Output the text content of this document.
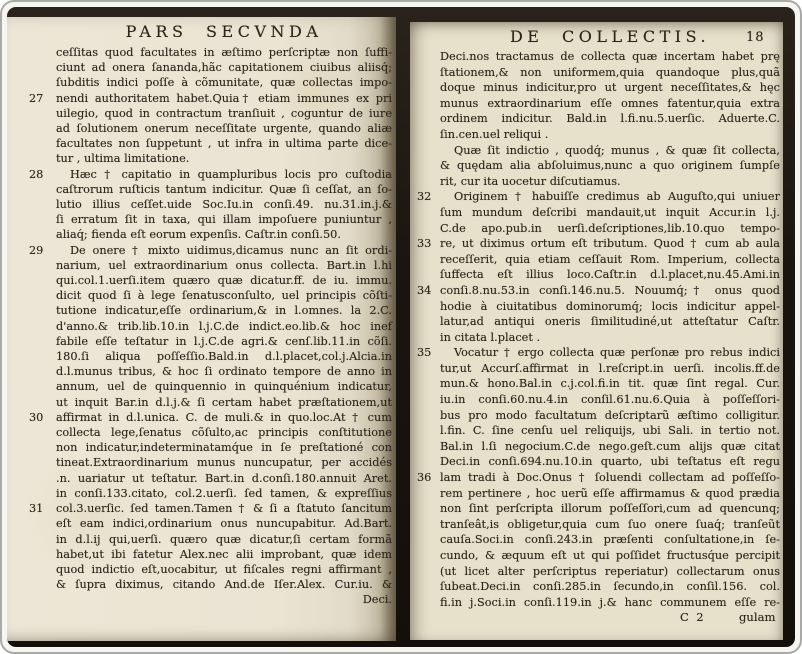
PARS SECVNDA
ceſſitas quod facultates in æſtimo perſcriptæ non ſuffi-
ciunt ad onera ſananda,hãc capitationem ciuibus aliisq́;
ſubditis indici poſſe à cõmunitate, quæ collectas impo-
27 nendi authoritatem habet.Quia† etiam immunes ex pri
uilegio, quod in contractum tranſiuit , coguntur de iure
ad ſolutionem onerum neceſſitate urgente, quando aliæ
facultates non ſuppetunt , ut infra in ultima parte dice-
tur , ultima limitatione.
28 Hæc † capitatio in quampluribus locis pro cuſtodia
caſtrorum ruſticis tantum indicitur. Quæ ſi ceſſat, an ſo-
lutio illius ceſſet.uide Soc.Iu.in conſi.49. nu.31.in.j.&
ſi erratum ſit in taxa, qui illam impoſuere puniuntur ,
aliaq́; fienda eſt eorum expenſis. Caſtr.in conſi.50.
29 De onere † mixto uidimus,dicamus nunc an ſit ordi-
narium, uel extraordinarium onus collecta. Bart.in l.hi
qui.col.1.uerſi.item quæro quæ dicatur.ff. de iu. immu.
dicit quod ſi à lege ſenatusconſulto, uel principis cõſti-
tutione indicatur,eſſe ordinarium,& in l.omnes. la 2.C.
d'anno.& trib.lib.10.in l.j.C.de indict.eo.lib.& hoc inef
fabile eſſe teſtatur in l.j.C.de agri.& cenſ.lib.11.in cõſi.
180.ſi aliqua poſſeſſio.Bald.in d.l.placet,col.j.Alcia.in
d.l.munus tribus, & hoc ſi ordinato tempore de anno in
annum, uel de quinquennio in quinquénium indicatur,
ut inquit Bar.in d.l.j.& ſi certam habet præſtationem,ut
30 affirmat in d.l.unica. C. de muli.& in quo.loc.At † cum
collecta lege,ſenatus cõſulto,ac principis conſtitutione
non indicatur,indeterminatamq́ue in ſe preſtationé con
tineat.Extraordinarium munus nuncupatur, per accidés
.n. uariatur ut teſtatur. Bart.in d.conſi.180.annuit Aret.
in conſi.133.citato, col.2.uerſi. ſed tamen, & expreſſius
31 col.3.uerſic. ſed tamen.Tamen † & ſi a ſtatuto ſancitum
eſt eam indici,ordinarium onus nuncupabitur. Ad.Bart.
in d.l.ij qui,uerſi. quæro quæ dicatur,ſi certam formã
habet,ut ibi fatetur Alex.nec alii improbant, quæ idem
quod indictio eſt,uocabitur, ut fiſcales regni affirmant ,
& ſupra diximus, citando And.de Iſer.Alex. Cur.iu. &
Deci.
DE COLLECTIS.	18
Deci.nos tractamus de collecta quæ incertam habet prę
ſtationem,& non uniformem,quia quandoque plus,quã
doque minus indicitur,pro ut urgent neceſſitates,& hęc
munus extraordinarium eſſe omnes fatentur,quia extra
ordinem indicitur. Bald.in l.fi.nu.5.uerſic. Aduerte.C.
ſin.cen.uel reliqui .
Quæ ſit indictio , quodq́; munus , & quæ ſit collecta,
& quędam alia abſoluimus,nunc a quo originem ſumpſe
rit, cur ita uocetur diſcutiamus.
32 Originem † habuiſſe credimus ab Auguſto,qui uniuer
ſum mundum deſcribi mandauit,ut inquit Accur.in l.j.
C.de apo.pub.in uerſi.deſcriptiones,lib.10.quo tempo-
33 re, ut diximus ortum eſt tributum. Quod † cum ab aula
receſſerit, quia etiam ceſſauit Rom. Imperium, collecta
ſuffecta eſt illius loco.Caſtr.in d.l.placet,nu.45.Ami.in
34 conſi.8.nu.53.in conſi.146.nu.5. Nouumq́;† onus quod
hodie à ciuitatibus dominorumq́; locis indicitur appel-
latur,ad antiqui oneris ſimilitudiné,ut atteſtatur Caſtr.
in citata l.placet .
35 Vocatur † ergo collecta quæ perſonæ pro rebus indici
tur,ut Accurſ.affirmat in l.reſcript.in uerſi. incolis.ff.de
mun.& hono.Bal.in c.j.col.fi.in tit. quæ ſint regal. Cur.
iu.in conſi.60.nu.4.in conſil.61.nu.6.Quia à poſſeſſori-
bus pro modo facultatum deſcriptarũ æſtimo colligitur.
l.fin. C. ſine cenſu uel reliquijs, ubi Sali. in tertio not.
Bal.in l.ſi negocium.C.de nego.geſt.cum alijs quæ citat
Deci.in conſi.694.nu.10.in quarto, ubi teſtatus eſt regu
36 lam tradi à Doc.Onus † ſoluendi collectam ad poſſeſſo-
rem pertinere , hoc uerũ eſſe affirmamus & quod prædia
non ſint perſcripta illorum poſſeſſori,cum ad quencunq;
tranſeât,is obligetur,quia cum ſuo onere ſuaq́; tranſeũt
cauſa.Soci.in conſi.243.in præſenti conſultatione,in ſe-
cundo, & æquum eſt ut qui poſſidet fructusq́ue percipit
(ut licet alter perſcriptus reperiatur) collectarum onus
ſubeat.Deci.in conſi.285.in ſecundo,in conſil.156. col.
fi.in j.Soci.in conſi.119.in j.& hanc communem eſſe re-
C  2	gulam
